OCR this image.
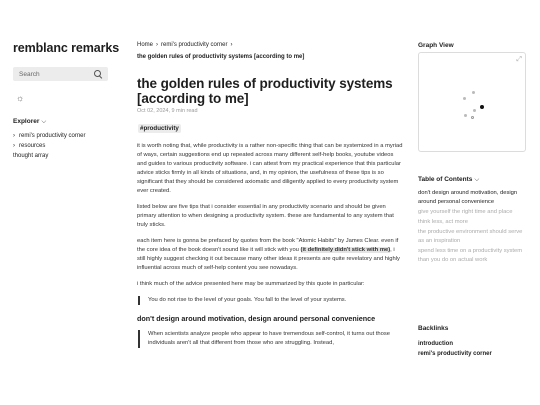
remblanc remarks
Search
☼
Explorer ⌵
› remi's productivity corner
› resources
thought array
Home › remi's productivity corner ›
the golden rules of productivity systems [according to me]
the golden rules of productivity systems [according to me]
Oct 02, 2024, 9 min read
#productivity

it is worth noting that, while productivity is a rather non-specific thing that can be systemized in a myriad of ways, certain suggestions end up repeated across many different self-help books, youtube videos and guides to various productivity software. i can attest from my practical experience that this particular advice sticks firmly in all kinds of situations, and, in my opinion, the usefulness of these tips is so significant that they should be considered axiomatic and diligently applied to every productivity system ever created.

listed below are five tips that i consider essential in any productivity scenario and should be given primary attention to when designing a productivity system. these are fundamental to any system that truly sticks.

each item here is gonna be prefaced by quotes from the book "Atomic Habits" by James Clear. even if the core idea of the book doesn't sound like it will stick with you (it definitely didn't stick with me), i still highly suggest checking it out because many other ideas it presents are quite revelatory and highly influential across much of self-help content you see nowadays.

i think much of the advice presented here may be summarized by this quote in particular:

You do not rise to the level of your goals. You fall to the level of your systems.
don't design around motivation, design around personal convenience
When scientists analyze people who appear to have tremendous self-control, it turns out those individuals aren't all that different from those who are struggling. Instead,
Graph View
⤢
Table of Contents ⌵
don't design around motivation, design around personal convenience
give yourself the right time and place
think less, act more
the productive environment should serve as an inspiration
spend less time on a productivity system than you do on actual work
Backlinks
introduction
remi's productivity corner
